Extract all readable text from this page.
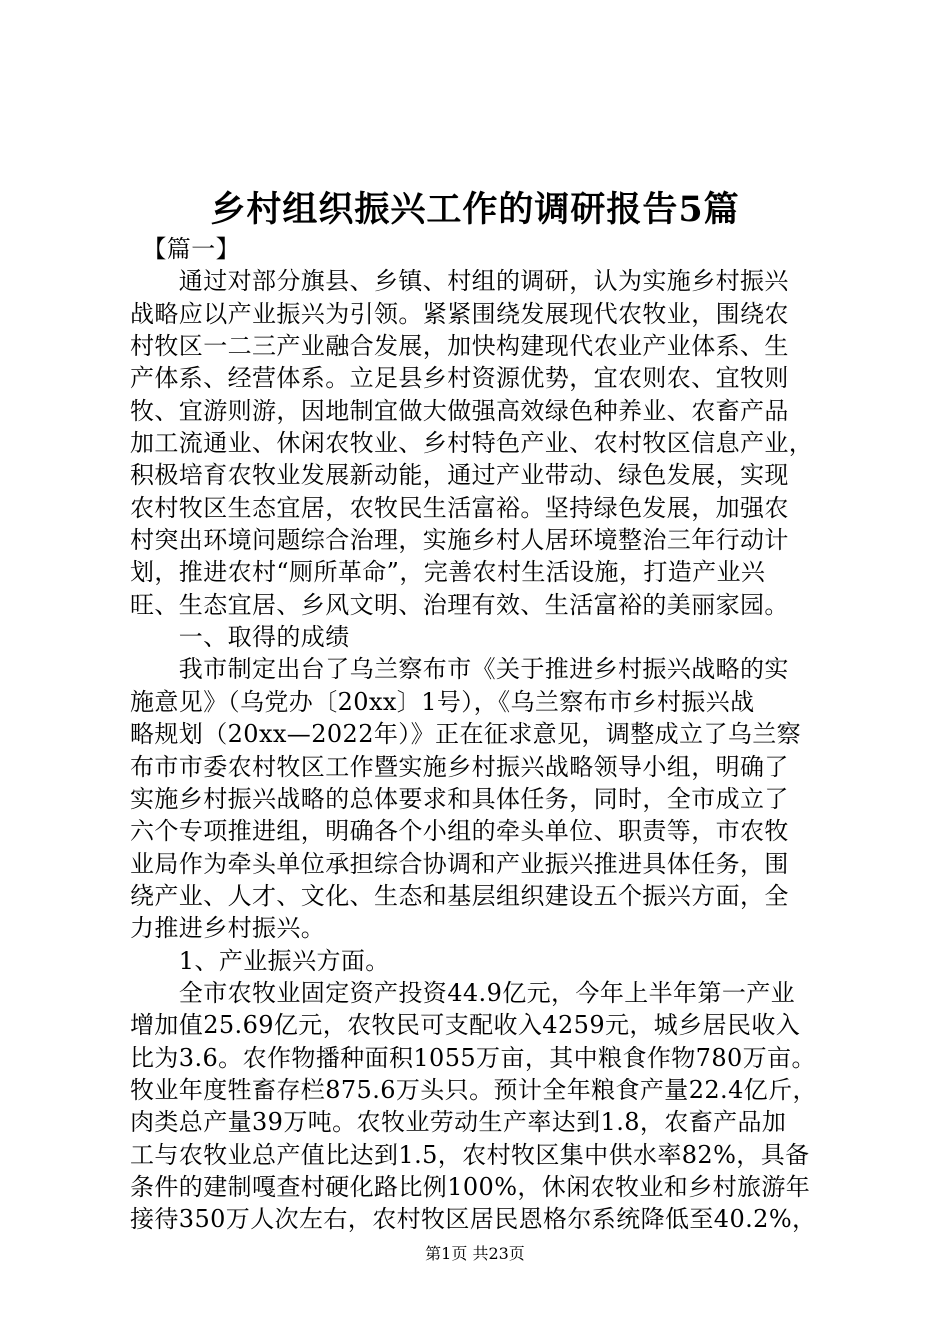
乡村组织振兴工作的调研报告5篇
　【篇一】
　　通过对部分旗县、乡镇、村组的调研，认为实施乡村振兴
战略应以产业振兴为引领。紧紧围绕发展现代农牧业，围绕农
村牧区一二三产业融合发展，加快构建现代农业产业体系、生
产体系、经营体系。立足县乡村资源优势，宜农则农、宜牧则
牧、宜游则游，因地制宜做大做强高效绿色种养业、农畜产品
加工流通业、休闲农牧业、乡村特色产业、农村牧区信息产业，
积极培育农牧业发展新动能，通过产业带动、绿色发展，实现
农村牧区生态宜居，农牧民生活富裕。坚持绿色发展，加强农
村突出环境问题综合治理，实施乡村人居环境整治三年行动计
划，推进农村“厕所革命”，完善农村生活设施，打造产业兴
旺、生态宜居、乡风文明、治理有效、生活富裕的美丽家园。
　　一、取得的成绩
　　我市制定出台了乌兰察布市《关于推进乡村振兴战略的实
施意见》（乌党办〔20xx〕1号），《乌兰察布市乡村振兴战
略规划（20xx—2022年）》正在征求意见，调整成立了乌兰察
布市市委农村牧区工作暨实施乡村振兴战略领导小组，明确了
实施乡村振兴战略的总体要求和具体任务，同时，全市成立了
六个专项推进组，明确各个小组的牵头单位、职责等，市农牧
业局作为牵头单位承担综合协调和产业振兴推进具体任务，围
绕产业、人才、文化、生态和基层组织建设五个振兴方面，全
力推进乡村振兴。
　　1、产业振兴方面。
　　全市农牧业固定资产投资44.9亿元，今年上半年第一产业
增加值25.69亿元，农牧民可支配收入4259元，城乡居民收入
比为3.6。农作物播种面积1055万亩，其中粮食作物780万亩。
牧业年度牲畜存栏875.6万头只。预计全年粮食产量22.4亿斤，
肉类总产量39万吨。农牧业劳动生产率达到1.8，农畜产品加
工与农牧业总产值比达到1.5，农村牧区集中供水率82%，具备
条件的建制嘎查村硬化路比例100%，休闲农牧业和乡村旅游年
接待350万人次左右，农村牧区居民恩格尔系统降低至40.2%，
第1页 共23页
